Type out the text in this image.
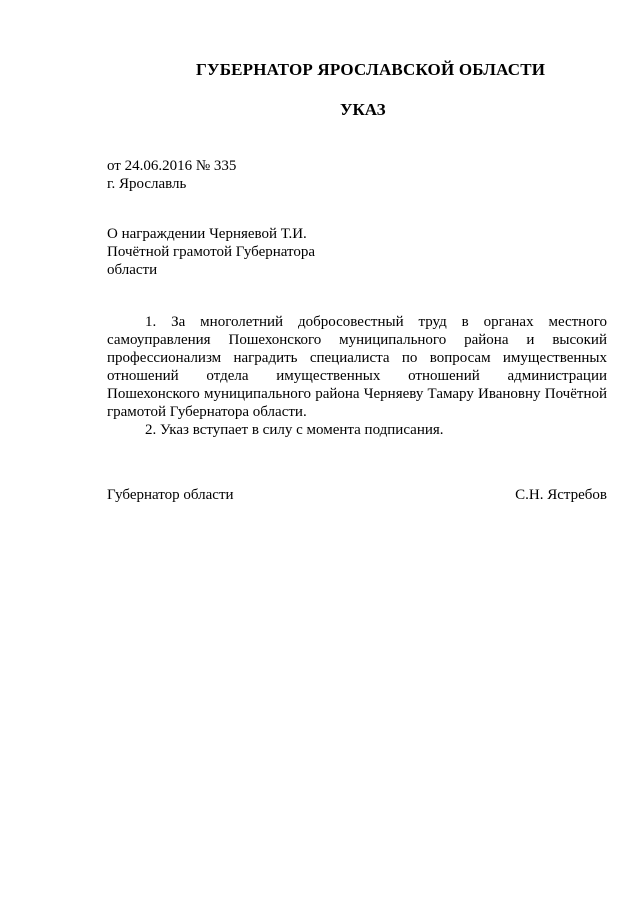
ГУБЕРНАТОР ЯРОСЛАВСКОЙ ОБЛАСТИ
УКАЗ
от 24.06.2016 № 335
г. Ярославль
О награждении Черняевой Т.И.
Почётной грамотой Губернатора
области

1. За многолетний добросовестный труд в органах местного самоуправления Пошехонского муниципального района и высокий профессионализм наградить специалиста по вопросам имущественных отношений отдела имущественных отношений администрации Пошехонского муниципального района Черняеву Тамару Ивановну Почётной грамотой Губернатора области.

2. Указ вступает в силу с момента подписания.

Губернатор области	С.Н. Ястребов
